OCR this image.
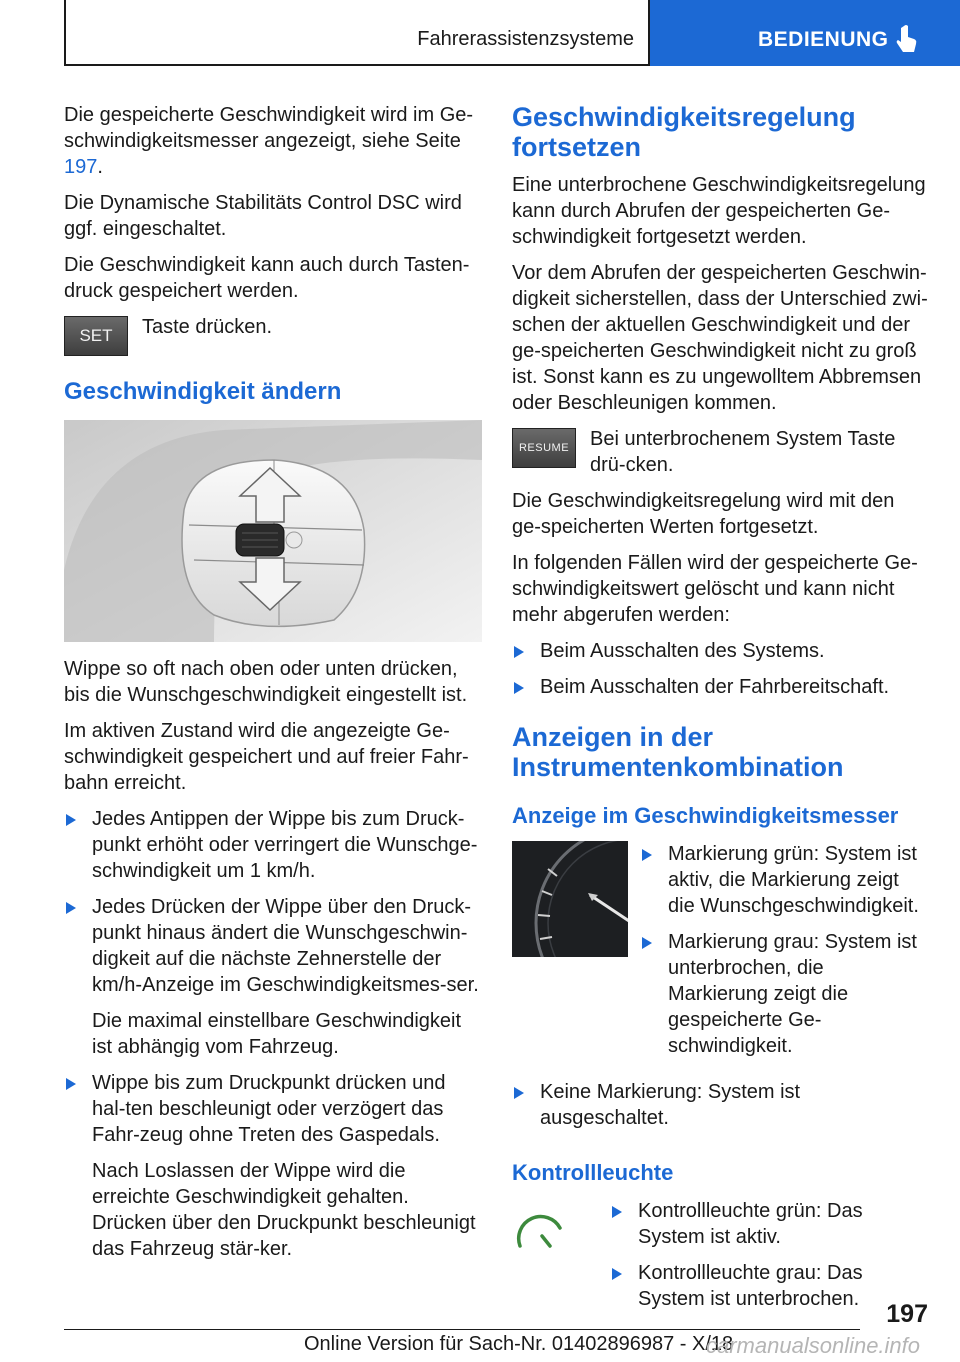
Fahrerassistenzsysteme	BEDIENUNG

Die gespeicherte Geschwindigkeit wird im Ge‐schwindigkeitsmesser angezeigt, siehe Seite 197.

Die Dynamische Stabilitäts Control DSC wird ggf. eingeschaltet.

Die Geschwindigkeit kann auch durch Tasten‐druck gespeichert werden.

SET	Taste drücken.
Geschwindigkeit ändern

Wippe so oft nach oben oder unten drücken, bis die Wunschgeschwindigkeit eingestellt ist.

Im aktiven Zustand wird die angezeigte Ge‐schwindigkeit gespeichert und auf freier Fahr‐bahn erreicht.

Jedes Antippen der Wippe bis zum Druck‐punkt erhöht oder verringert die Wunschge‐schwindigkeit um 1 km/h.
Jedes Drücken der Wippe über den Druck‐punkt hinaus ändert die Wunschgeschwin‐digkeit auf die nächste Zehnerstelle der km/h‑Anzeige im Geschwindigkeitsmes‐ser.
Die maximal einstellbare Geschwindigkeit ist abhängig vom Fahrzeug.
Wippe bis zum Druckpunkt drücken und hal‐ten beschleunigt oder verzögert das Fahr‐zeug ohne Treten des Gaspedals.
Nach Loslassen der Wippe wird die erreichte Geschwindigkeit gehalten. Drücken über den Druckpunkt beschleunigt das Fahrzeug stär‐ker.
Geschwindigkeitsregelung fortsetzen

Eine unterbrochene Geschwindigkeitsregelung kann durch Abrufen der gespeicherten Ge‐schwindigkeit fortgesetzt werden.

Vor dem Abrufen der gespeicherten Geschwin‐digkeit sicherstellen, dass der Unterschied zwi‐schen der aktuellen Geschwindigkeit und der ge‐speicherten Geschwindigkeit nicht zu groß ist. Sonst kann es zu ungewolltem Abbremsen oder Beschleunigen kommen.

RESUME	Bei unterbrochenem System Taste drü‐cken.

Die Geschwindigkeitsregelung wird mit den ge‐speicherten Werten fortgesetzt.

In folgenden Fällen wird der gespeicherte Ge‐schwindigkeitswert gelöscht und kann nicht mehr abgerufen werden:

Beim Ausschalten des Systems.
Beim Ausschalten der Fahrbereitschaft.
Anzeigen in der Instrumentenkombination
Anzeige im Geschwindigkeitsmesser
Markierung grün: System ist aktiv, die Markierung zeigt die Wunschgeschwindigkeit.
Markierung grau: System ist unterbrochen, die Markierung zeigt die gespeicherte Ge‐schwindigkeit.
Keine Markierung: System ist ausgeschaltet.
Kontrollleuchte
Kontrollleuchte grün: Das System ist aktiv.
Kontrollleuchte grau: Das System ist unterbrochen.
197
Online Version für Sach-Nr. 01402896987 - X/18
carmanualsonline.info
